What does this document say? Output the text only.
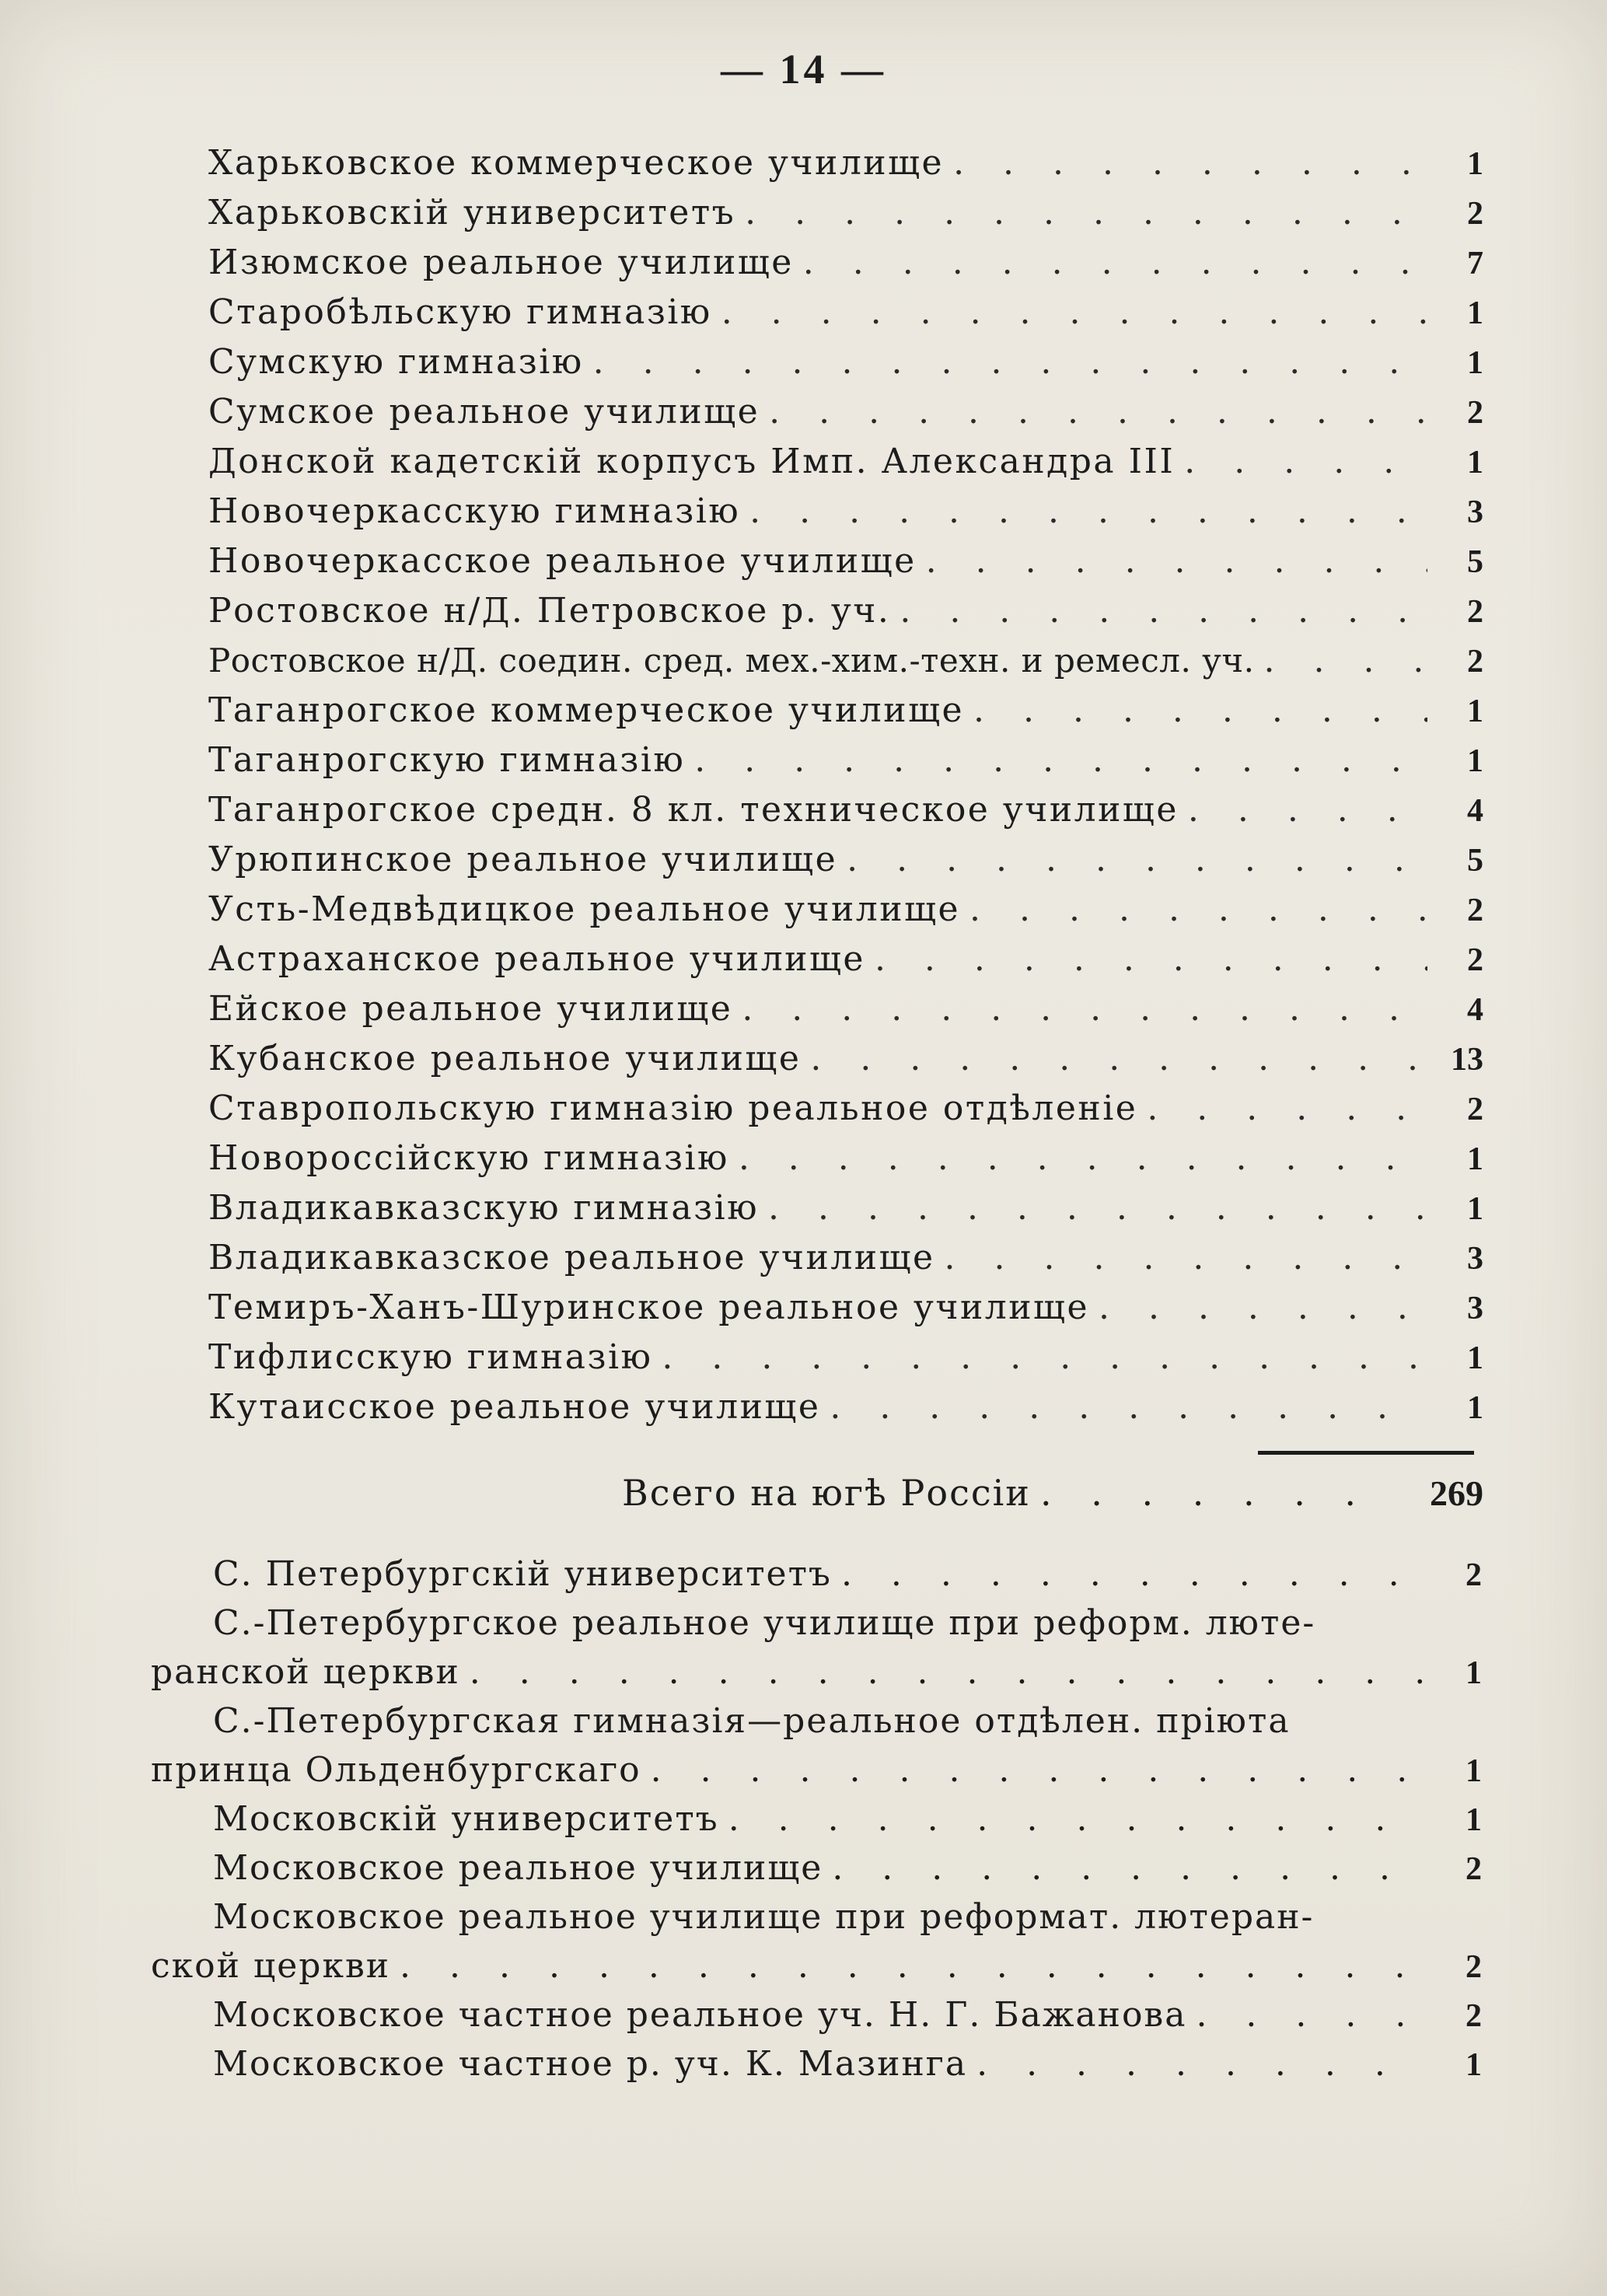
— 14 —
Харьковское коммерческое училище . . .	1
Харьковскій университетъ . . .	2
Изюмское реальное училище . . .	7
Старобѣльскую гимназію . . .	1
Сумскую гимназію . . .	1
Сумское реальное училище . . .	2
Донской кадетскій корпусъ Имп. Александра III . . .	1
Новочеркасскую гимназію . . .	3
Новочеркасское реальное училище . . .	5
Ростовское н/Д. Петровское р. уч. . . .	2
Ростовское н/Д. соедин. сред. мех.-хим.-техн. и ремесл. уч. . . .	2
Таганрогское коммерческое училище . . .	1
Таганрогскую гимназію . . .	1
Таганрогское средн. 8 кл. техническое училище . . .	4
Урюпинское реальное училище . . .	5
Усть-Медвѣдицкое реальное училище . . .	2
Астраханское реальное училище . . .	2
Ейское реальное училище . . .	4
Кубанское реальное училище . . .	13
Ставропольскую гимназію реальное отдѣленіе . . .	2
Новороссійскую гимназію . . .	1
Владикавказскую гимназію . . .	1
Владикавказское реальное училище . . .	3
Темиръ-Ханъ-Шуринское реальное училище . . .	3
Тифлисскую гимназію . . .	1
Кутаисское реальное училище . . .	1
Всего на югѣ Россіи . . .	269
С. Петербургскій университетъ . . .	2
С.-Петербургское реальное училище при реформ. люте-
ранской церкви . . .	1
С.-Петербургская гимназія—реальное отдѣлен. пріюта
принца Ольденбургскаго . . .	1
Московскій университетъ . . .	1
Московское реальное училище . . .	2
Московское реальное училище при реформат. лютеран-
ской церкви . . .	2
Московское частное реальное уч. Н. Г. Бажанова . . .	2
Московское частное р. уч. К. Мазинга . . .	1
